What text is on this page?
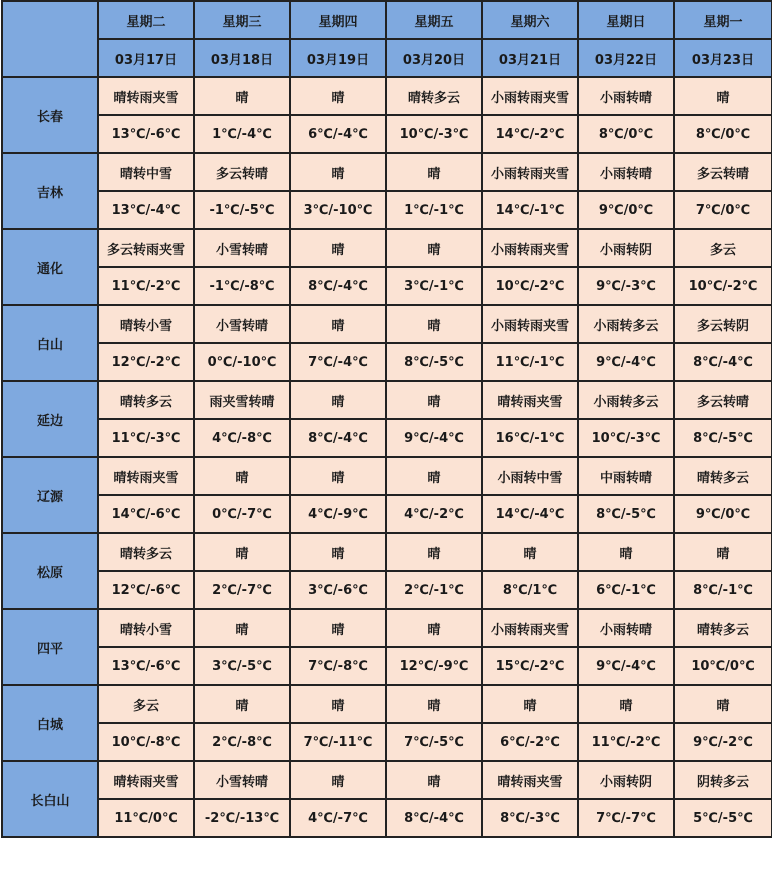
	星期二	星期三	星期四	星期五	星期六	星期日	星期一
	03月17日	03月18日	03月19日	03月20日	03月21日	03月22日	03月23日
长春	晴转雨夹雪	晴	晴	晴转多云	小雨转雨夹雪	小雨转晴	晴
	13℃/-6℃	1℃/-4℃	6℃/-4℃	10℃/-3℃	14℃/-2℃	8℃/0℃	8℃/0℃
吉林	晴转中雪	多云转晴	晴	晴	小雨转雨夹雪	小雨转晴	多云转晴
	13℃/-4℃	-1℃/-5℃	3℃/-10℃	1℃/-1℃	14℃/-1℃	9℃/0℃	7℃/0℃
通化	多云转雨夹雪	小雪转晴	晴	晴	小雨转雨夹雪	小雨转阴	多云
	11℃/-2℃	-1℃/-8℃	8℃/-4℃	3℃/-1℃	10℃/-2℃	9℃/-3℃	10℃/-2℃
白山	晴转小雪	小雪转晴	晴	晴	小雨转雨夹雪	小雨转多云	多云转阴
	12℃/-2℃	0℃/-10℃	7℃/-4℃	8℃/-5℃	11℃/-1℃	9℃/-4℃	8℃/-4℃
延边	晴转多云	雨夹雪转晴	晴	晴	晴转雨夹雪	小雨转多云	多云转晴
	11℃/-3℃	4℃/-8℃	8℃/-4℃	9℃/-4℃	16℃/-1℃	10℃/-3℃	8℃/-5℃
辽源	晴转雨夹雪	晴	晴	晴	小雨转中雪	中雨转晴	晴转多云
	14℃/-6℃	0℃/-7℃	4℃/-9℃	4℃/-2℃	14℃/-4℃	8℃/-5℃	9℃/0℃
松原	晴转多云	晴	晴	晴	晴	晴	晴
	12℃/-6℃	2℃/-7℃	3℃/-6℃	2℃/-1℃	8℃/1℃	6℃/-1℃	8℃/-1℃
四平	晴转小雪	晴	晴	晴	小雨转雨夹雪	小雨转晴	晴转多云
	13℃/-6℃	3℃/-5℃	7℃/-8℃	12℃/-9℃	15℃/-2℃	9℃/-4℃	10℃/0℃
白城	多云	晴	晴	晴	晴	晴	晴
	10℃/-8℃	2℃/-8℃	7℃/-11℃	7℃/-5℃	6℃/-2℃	11℃/-2℃	9℃/-2℃
长白山	晴转雨夹雪	小雪转晴	晴	晴	晴转雨夹雪	小雨转阴	阴转多云
	11℃/0℃	-2℃/-13℃	4℃/-7℃	8℃/-4℃	8℃/-3℃	7℃/-7℃	5℃/-5℃
